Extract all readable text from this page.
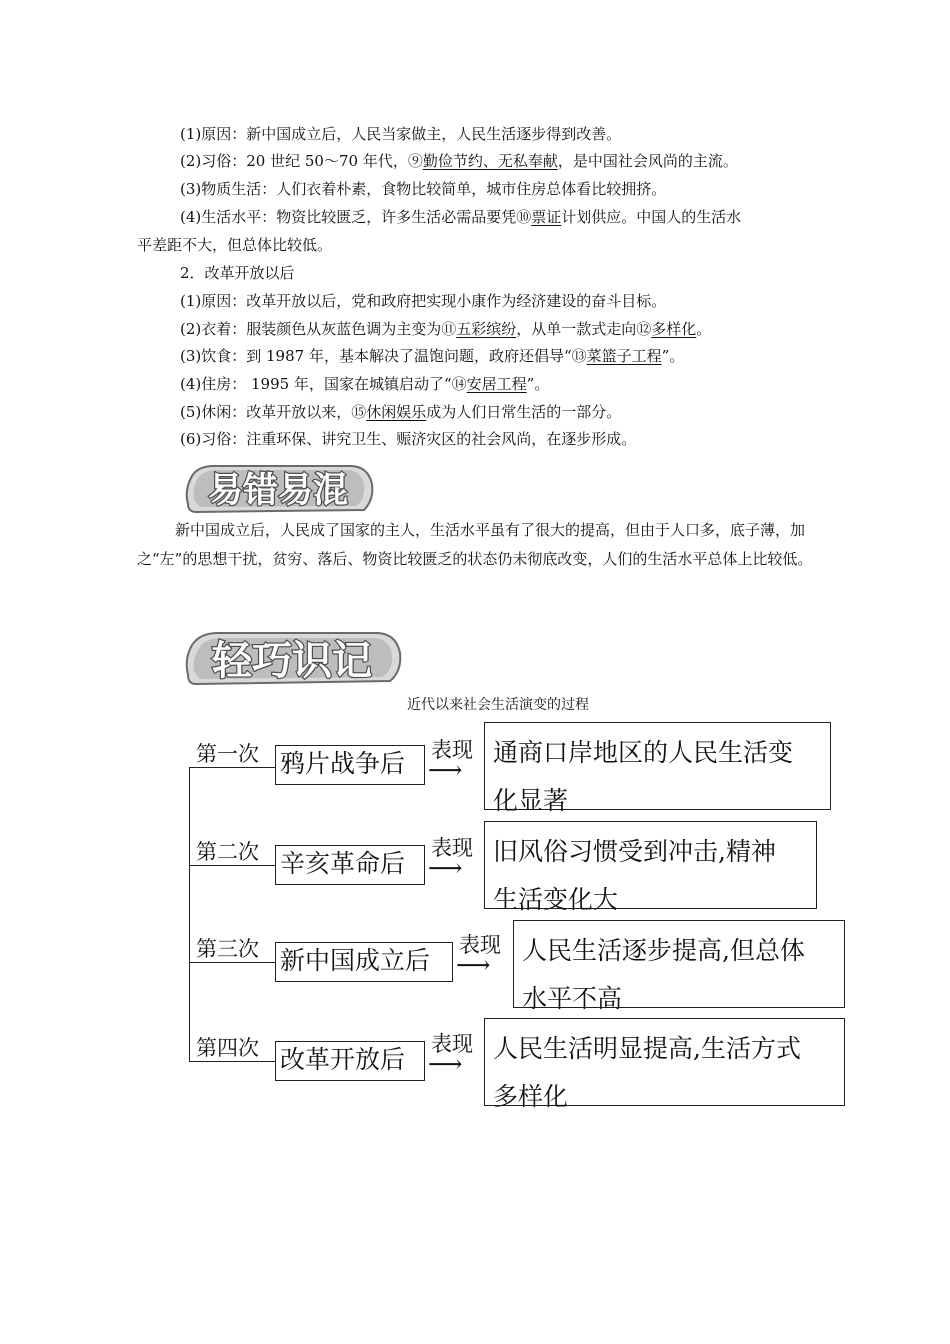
(1)原因：新中国成立后，人民当家做主，人民生活逐步得到改善。
(2)习俗：20 世纪 50～70 年代，⑨勤俭节约、无私奉献，是中国社会风尚的主流。
(3)物质生活：人们衣着朴素，食物比较简单，城市住房总体看比较拥挤。
(4)生活水平：物资比较匮乏，许多生活必需品要凭⑩票证计划供应。中国人的生活水
平差距不大，但总体比较低。
2．改革开放以后
(1)原因：改革开放以后，党和政府把实现小康作为经济建设的奋斗目标。
(2)衣着：服装颜色从灰蓝色调为主变为⑪五彩缤纷，从单一款式走向⑫多样化。
(3)饮食：到 1987 年，基本解决了温饱问题，政府还倡导“⑬菜篮子工程”。
(4)住房： 1995 年，国家在城镇启动了“⑭安居工程”。
(5)休闲：改革开放以来，⑮休闲娱乐成为人们日常生活的一部分。
(6)习俗：注重环保、讲究卫生、赈济灾区的社会风尚，在逐步形成。
易错易混
新中国成立后，人民成了国家的主人，生活水平虽有了很大的提高，但由于人口多，底子薄，加之“左”的思想干扰，贫穷、落后、物资比较匮乏的状态仍未彻底改变，人们的生活水平总体上比较低。
轻巧识记
近代以来社会生活演变的过程
第一次 鸦片战争后	表现
⟶
通商口岸地区的人民生活变
化显著
第二次 辛亥革命后
表现
⟶
旧风俗习惯受到冲击,精神
生活变化大
第三次 新中国成立后
表现
⟶ 人民生活逐步提高,但总体
水平不高
第四次 改革开放后
表现
⟶
人民生活明显提高,生活方式
多样化
